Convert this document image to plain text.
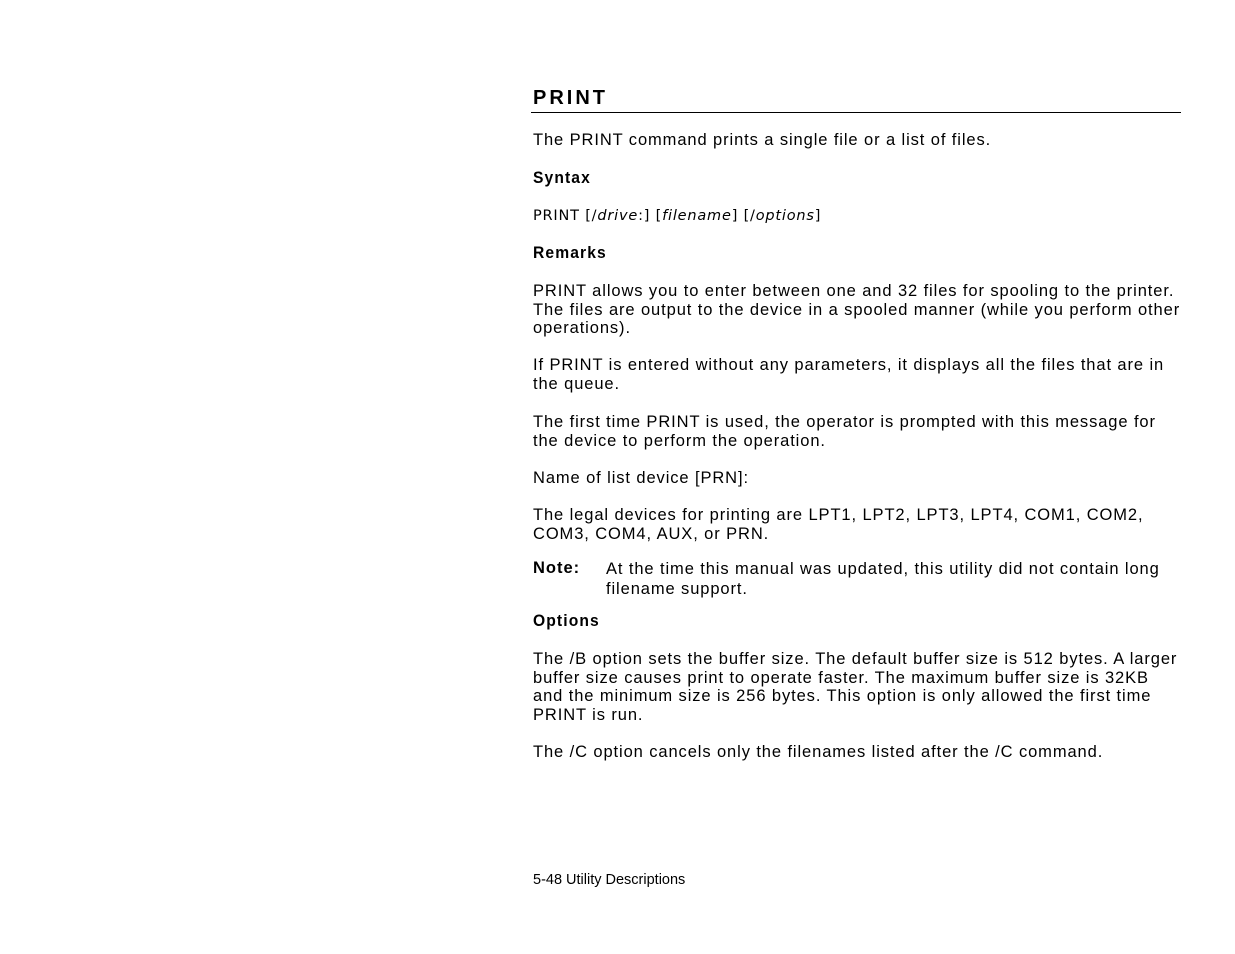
PRINT

The PRINT command prints a single file or a list of files.

Syntax

PRINT [/drive:] [filename] [/options]

Remarks

PRINT allows you to enter between one and 32 files for spooling to the printer. The files are output to the device in a spooled manner (while you perform other operations).

If PRINT is entered without any parameters, it displays all the files that are in the queue.

The first time PRINT is used, the operator is prompted with this message for the device to perform the operation.

Name of list device [PRN]:

The legal devices for printing are LPT1, LPT2, LPT3, LPT4, COM1, COM2, COM3, COM4, AUX, or PRN.

Note: At the time this manual was updated, this utility did not contain long filename support.

Options

The /B option sets the buffer size. The default buffer size is 512 bytes. A larger buffer size causes print to operate faster. The maximum buffer size is 32KB and the minimum size is 256 bytes. This option is only allowed the first time PRINT is run.

The /C option cancels only the filenames listed after the /C command.

5-48 Utility Descriptions
